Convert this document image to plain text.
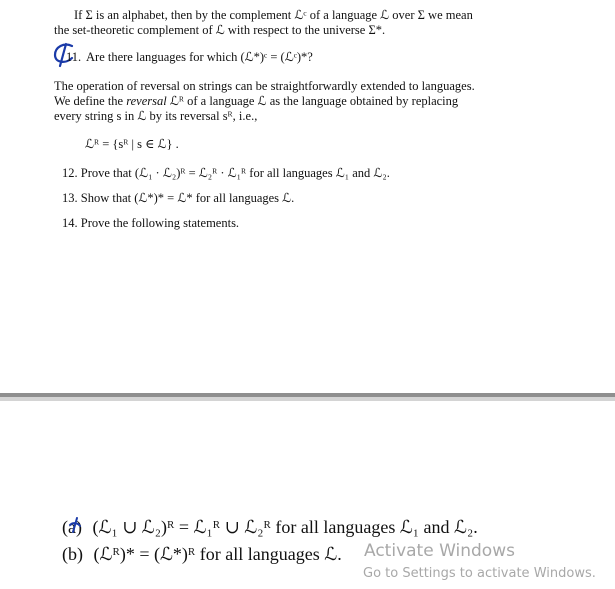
If Σ is an alphabet, then by the complement ℒᶜ of a language ℒ over Σ we mean
the set-theoretic complement of ℒ with respect to the universe Σ*.
11. Are there languages for which (ℒ*)ᶜ = (ℒᶜ)*?
The operation of reversal on strings can be straightforwardly extended to languages.
We define the reversal ℒᴿ of a language ℒ as the language obtained by replacing
every string s in ℒ by its reversal sᴿ, i.e.,
ℒᴿ = {sᴿ | s ∈ ℒ} .
12. Prove that (ℒ₁ · ℒ₂)ᴿ = ℒ₂ᴿ · ℒ₁ᴿ for all languages ℒ₁ and ℒ₂.
13. Show that (ℒ*)* = ℒ* for all languages ℒ.
14. Prove the following statements.
(a) (ℒ₁ ∪ ℒ₂)ᴿ = ℒ₁ᴿ ∪ ℒ₂ᴿ for all languages ℒ₁ and ℒ₂.
(b) (ℒᴿ)* = (ℒ*)ᴿ for all languages ℒ. Activate Windows
Go to Settings to activate Windows.
